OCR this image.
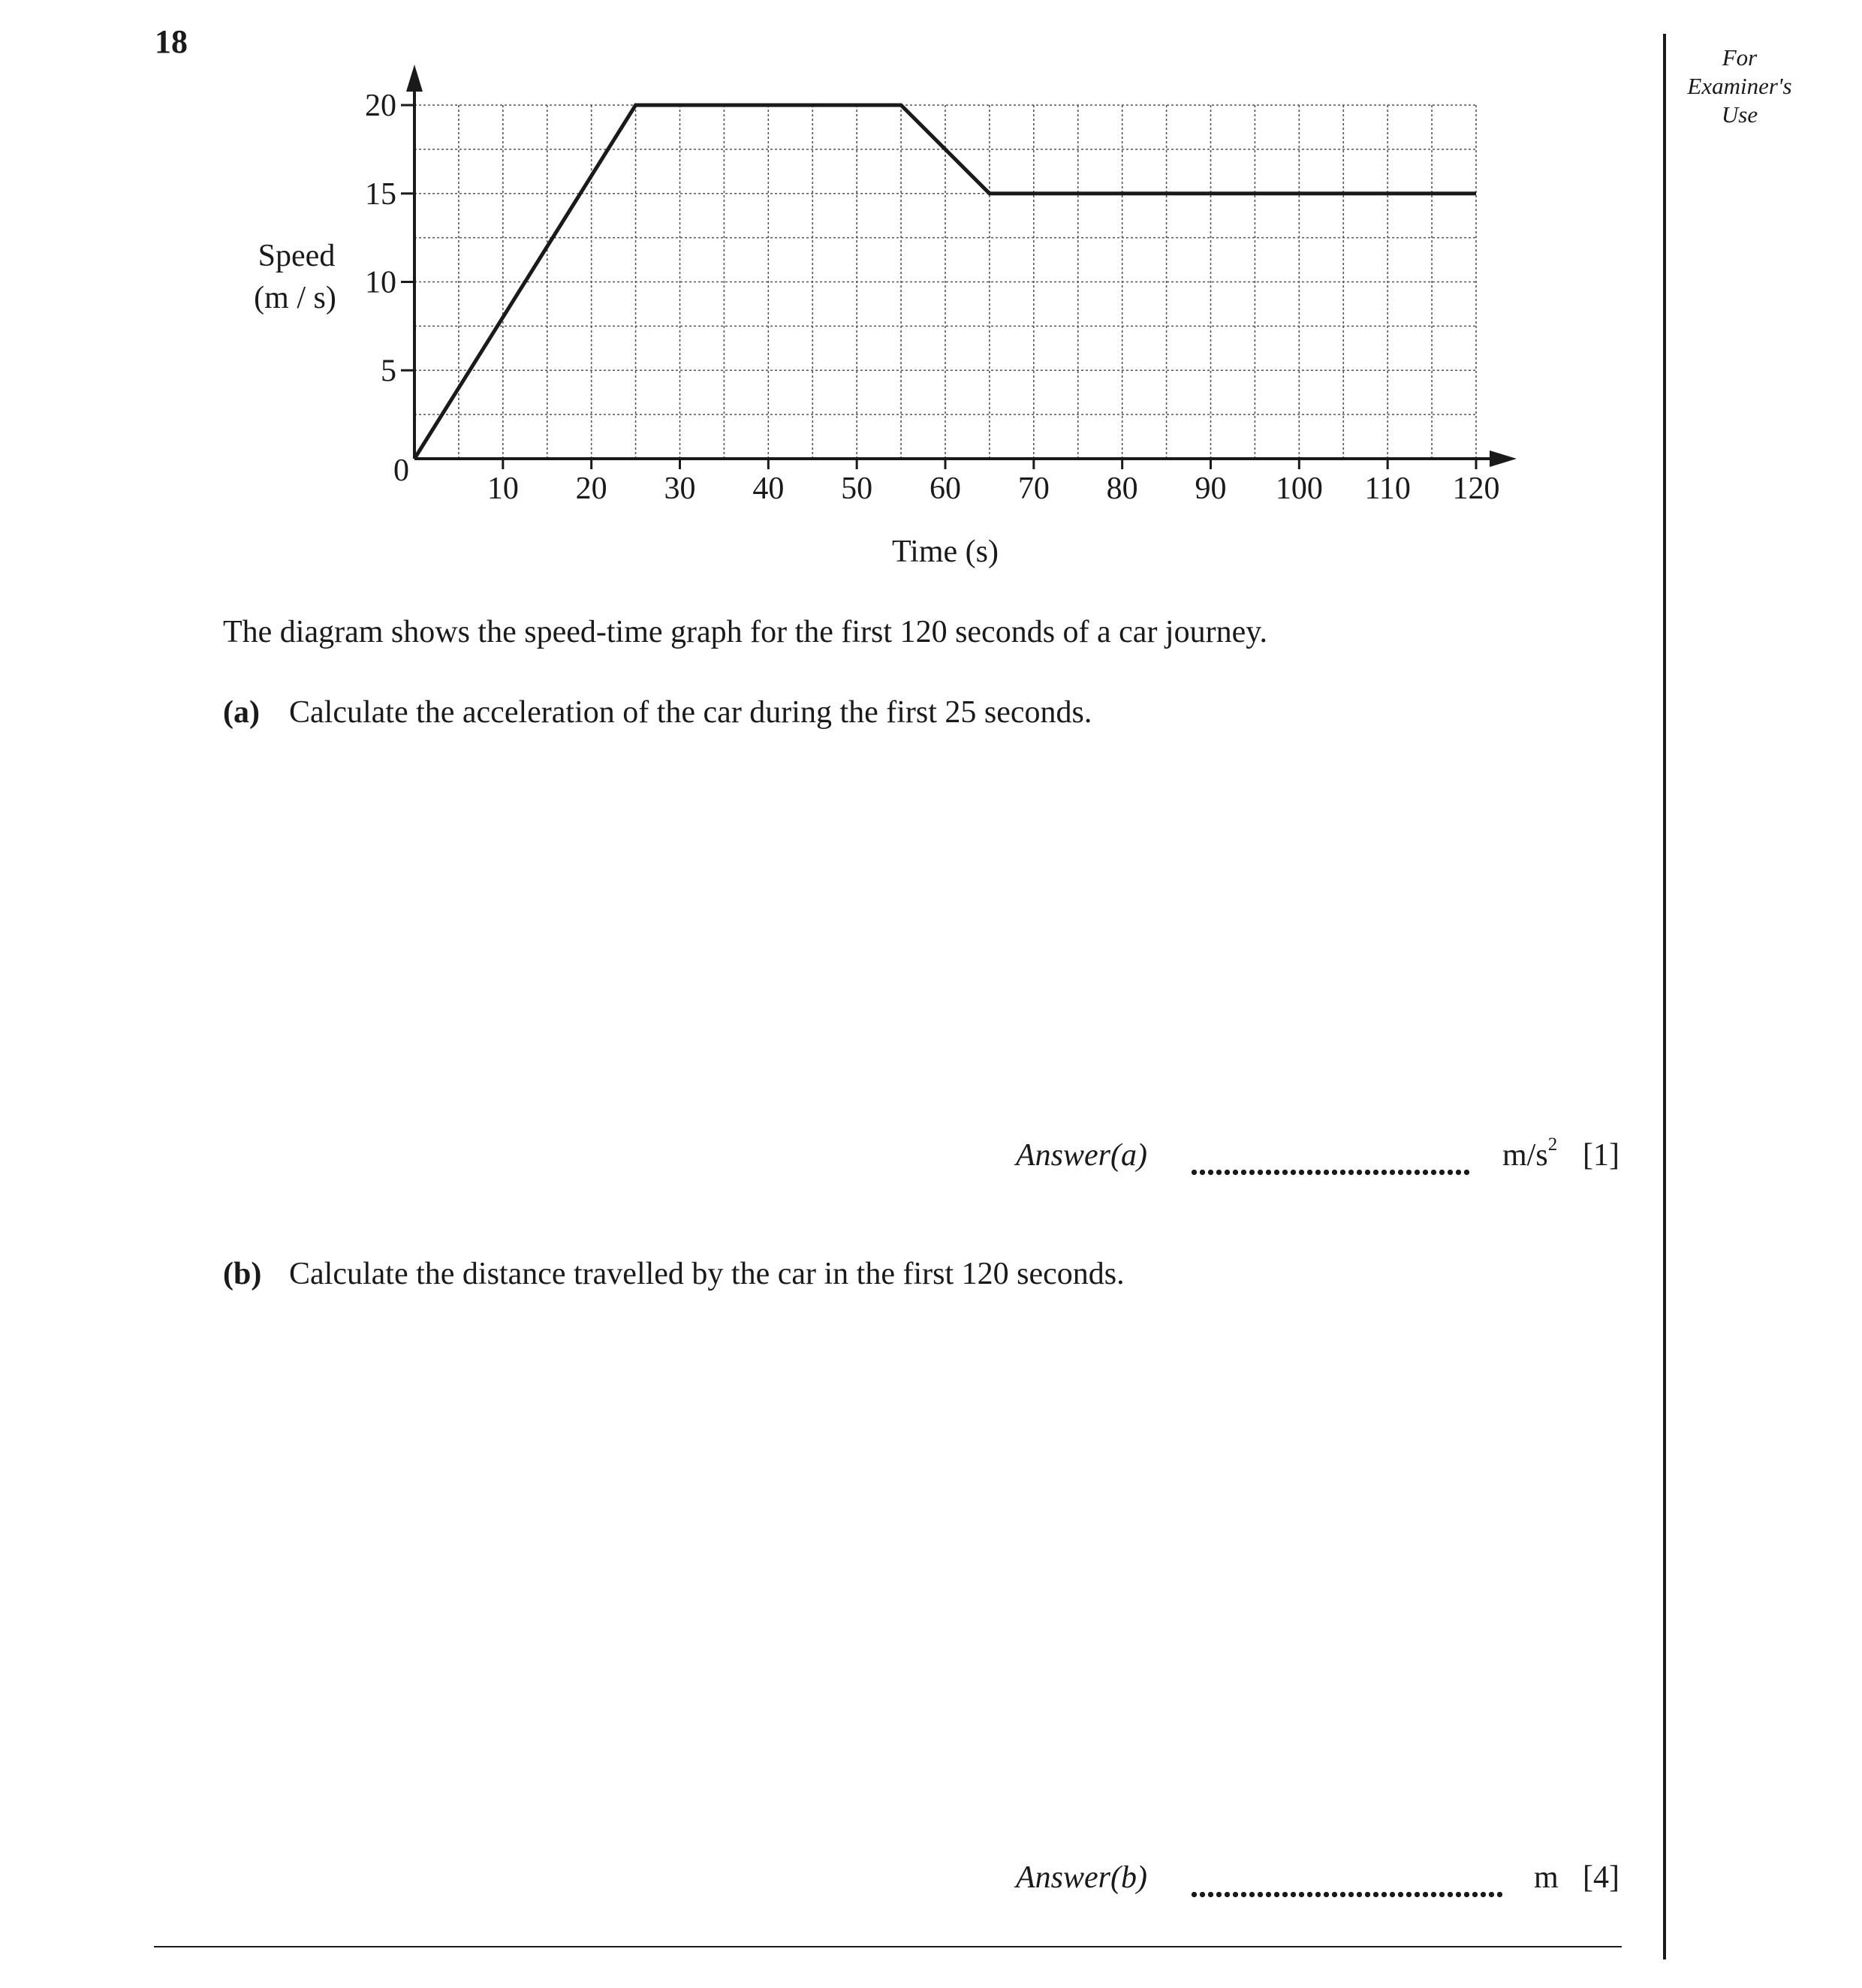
18	For
Examiner's
Use
10 20 30 40 50 60 70 80 90 100 110 120
5
10
15
20
0
Time (s)
Speed
(m / s)
The diagram shows the speed-time graph for the first 120 seconds of a car journey.
(a) Calculate the acceleration of the car during the first 25 seconds.
Answer(a)	$m/s^2$ [1]
(b) Calculate the distance travelled by the car in the first 120 seconds.
Answer(b)	m [4]
